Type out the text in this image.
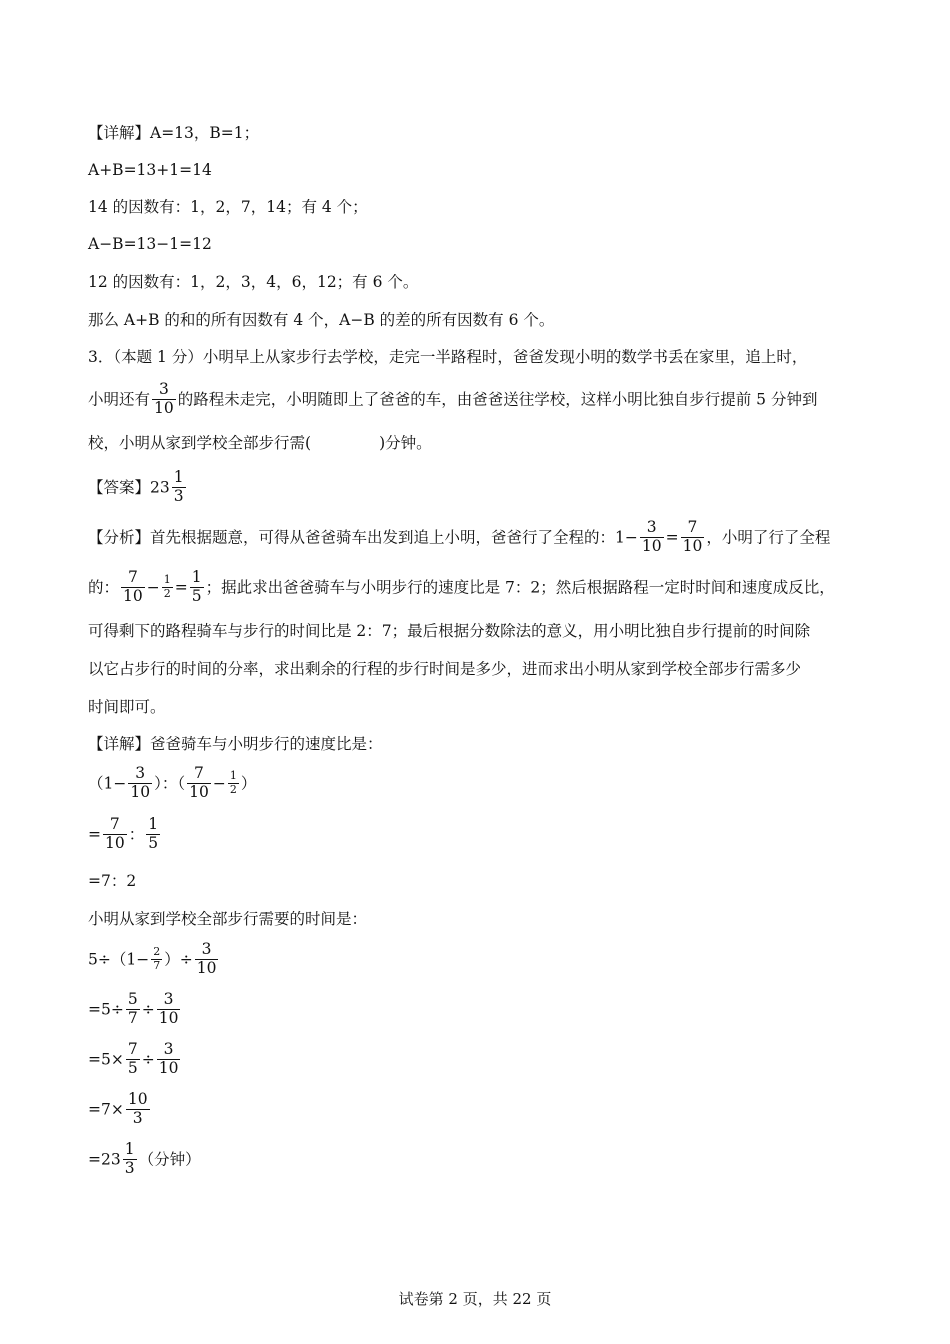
【详解】A=13，B=1；
A+B=13+1=14
14 的因数有：1，2，7，14；有 4 个；
A−B=13−1=12
12 的因数有：1，2，3，4，6，12；有 6 个。
那么 A+B 的和的所有因数有 4 个，A−B 的差的所有因数有 6 个。
3．（本题 1 分）小明早上从家步行去学校，走完一半路程时，爸爸发现小明的数学书丢在家里，追上时，
小明还有 $\frac{3}{10}$ 的路程未走完，小明随即上了爸爸的车，由爸爸送往学校，这样小明比独自步行提前 5 分钟到
校，小明从家到学校全部步行需(	)分钟。
【答案】$23 \frac{1}{3}$
【分析】首先根据题意，可得从爸爸骑车出发到追上小明，爸爸行了全程的：$1- \frac{3}{10} = \frac{7}{10}$ ，小明了行了全程
的： $\frac{7}{10} - \frac{1}{2} = \frac{1}{5}$ ；据此求出爸爸骑车与小明步行的速度比是 7：2；然后根据路程一定时时间和速度成反比，
可得剩下的路程骑车与步行的时间比是 2：7；最后根据分数除法的意义，用小明比独自步行提前的时间除
以它占步行的时间的分率，求出剩余的行程的步行时间是多少，进而求出小明从家到学校全部步行需多少
时间即可。
【详解】爸爸骑车与小明步行的速度比是：
（$1- \frac{3}{10}$ ）：（ $\frac{7}{10} - \frac{1}{2}$ ）
= $\frac{7}{10}$ ： $\frac{1}{5}$
=7：2
小明从家到学校全部步行需要的时间是：
$5\div(1- \frac{2}{7}$ ）÷ $\frac{3}{10}$
$=5\div \frac{5}{7} \div \frac{3}{10}$
$=5\times \frac{7}{5} \div \frac{3}{10}$
$=7\times \frac{10}{3}$
$=23 \frac{1}{3}$ （分钟）
试卷第 2 页，共 22 页
